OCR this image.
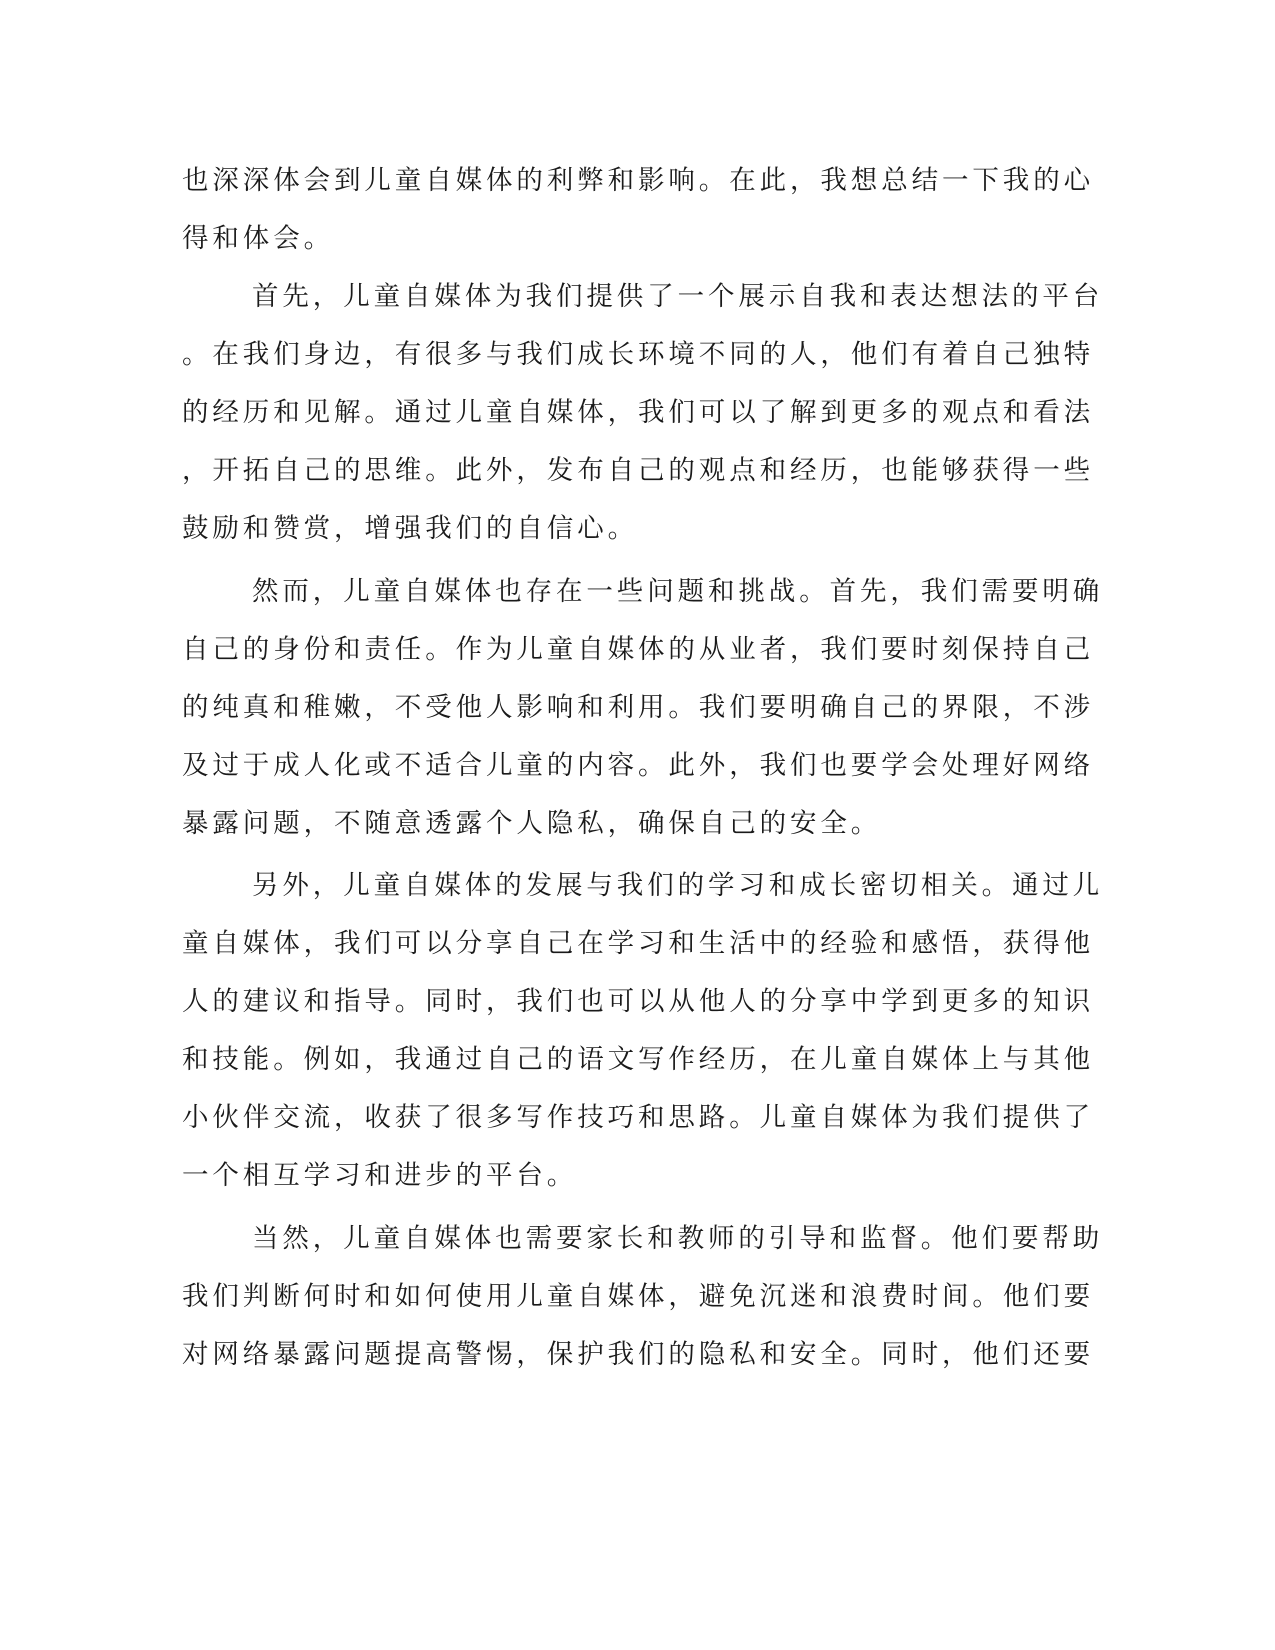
也深深体会到儿童自媒体的利弊和影响。在此，我想总结一下我的心
得和体会。
首先，儿童自媒体为我们提供了一个展示自我和表达想法的平台
。在我们身边，有很多与我们成长环境不同的人，他们有着自己独特
的经历和见解。通过儿童自媒体，我们可以了解到更多的观点和看法
，开拓自己的思维。此外，发布自己的观点和经历，也能够获得一些
鼓励和赞赏，增强我们的自信心。
然而，儿童自媒体也存在一些问题和挑战。首先，我们需要明确
自己的身份和责任。作为儿童自媒体的从业者，我们要时刻保持自己
的纯真和稚嫩，不受他人影响和利用。我们要明确自己的界限，不涉
及过于成人化或不适合儿童的内容。此外，我们也要学会处理好网络
暴露问题，不随意透露个人隐私，确保自己的安全。
另外，儿童自媒体的发展与我们的学习和成长密切相关。通过儿
童自媒体，我们可以分享自己在学习和生活中的经验和感悟，获得他
人的建议和指导。同时，我们也可以从他人的分享中学到更多的知识
和技能。例如，我通过自己的语文写作经历，在儿童自媒体上与其他
小伙伴交流，收获了很多写作技巧和思路。儿童自媒体为我们提供了
一个相互学习和进步的平台。
当然，儿童自媒体也需要家长和教师的引导和监督。他们要帮助
我们判断何时和如何使用儿童自媒体，避免沉迷和浪费时间。他们要
对网络暴露问题提高警惕，保护我们的隐私和安全。同时，他们还要
